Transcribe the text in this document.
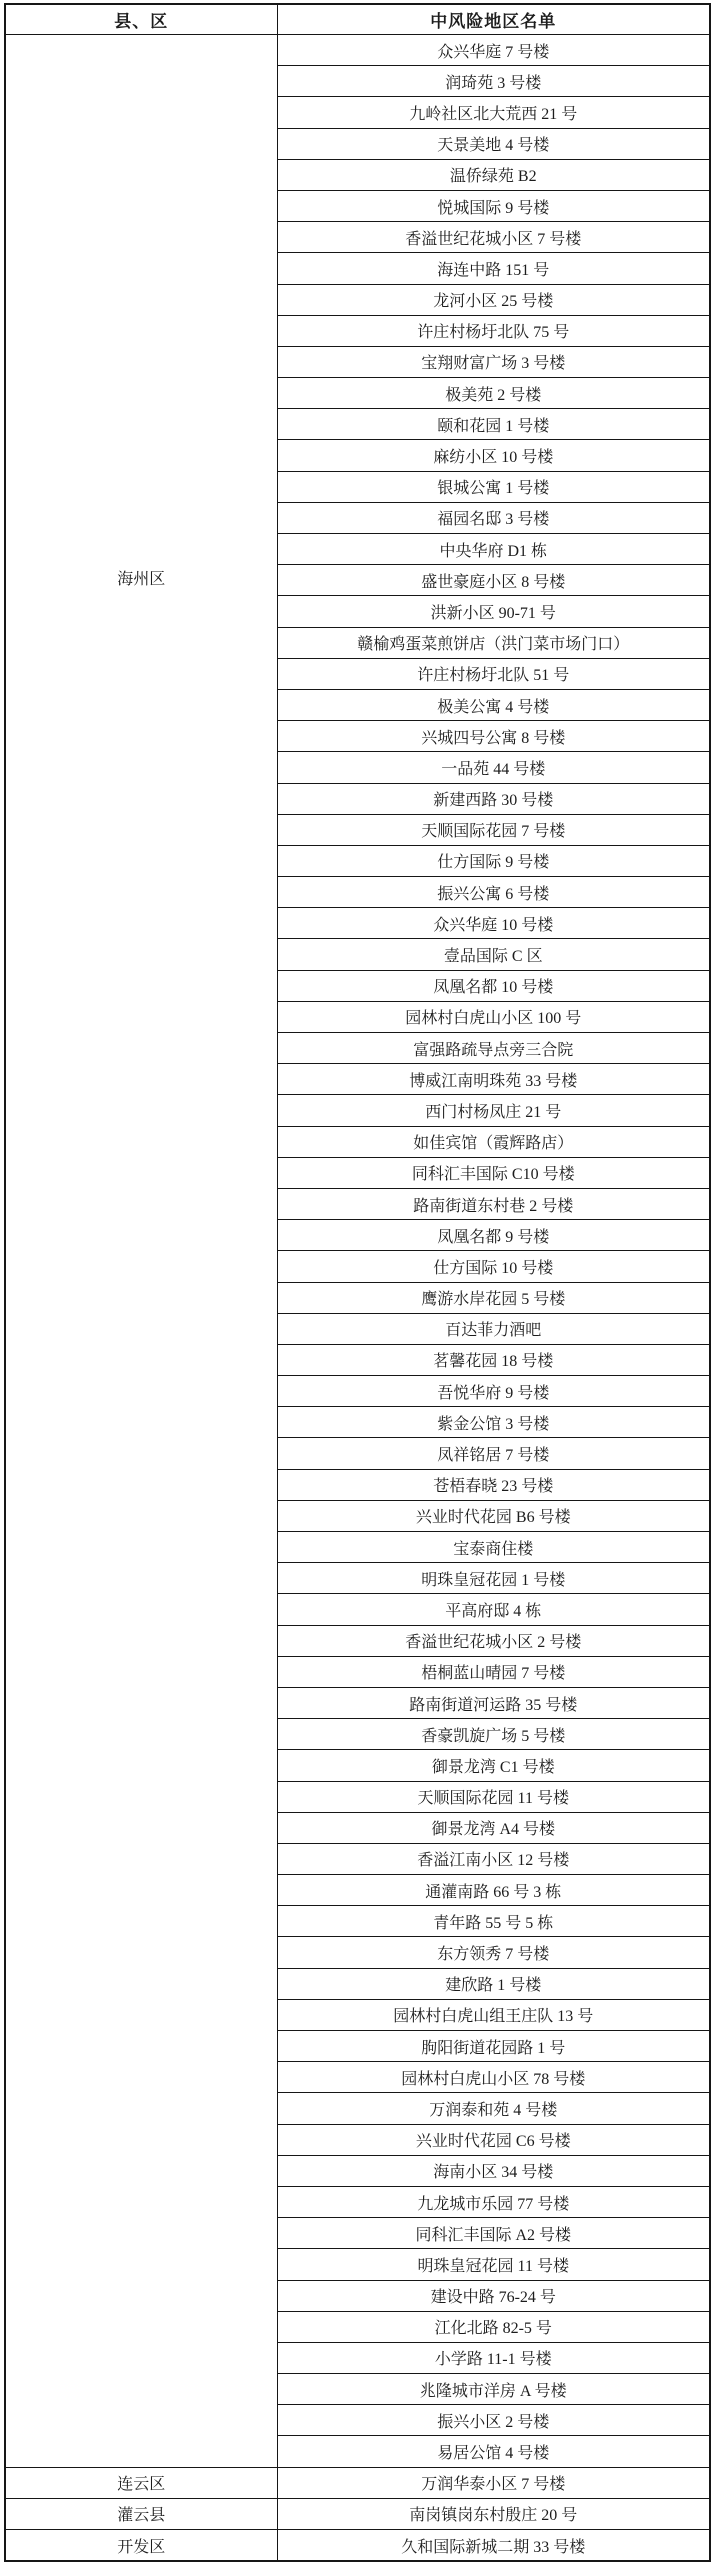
县、区	中风险地区名单

海州区	众兴华庭 7 号楼
	润琦苑 3 号楼
	九岭社区北大荒西 21 号
	天景美地 4 号楼
	温侨绿苑 B2
	悦城国际 9 号楼
	香溢世纪花城小区 7 号楼
	海连中路 151 号
	龙河小区 25 号楼
	许庄村杨圩北队 75 号
	宝翔财富广场 3 号楼
	极美苑 2 号楼
	颐和花园 1 号楼
	麻纺小区 10 号楼
	银城公寓 1 号楼
	福园名邸 3 号楼
	中央华府 D1 栋
	盛世豪庭小区 8 号楼
	洪新小区 90-71 号
	赣榆鸡蛋菜煎饼店（洪门菜市场门口）
	许庄村杨圩北队 51 号
	极美公寓 4 号楼
	兴城四号公寓 8 号楼
	一品苑 44 号楼
	新建西路 30 号楼
	天顺国际花园 7 号楼
	仕方国际 9 号楼
	振兴公寓 6 号楼
	众兴华庭 10 号楼
	壹品国际 C 区
	凤凰名都 10 号楼
	园林村白虎山小区 100 号
	富强路疏导点旁三合院
	博威江南明珠苑 33 号楼
	西门村杨凤庄 21 号
	如佳宾馆（霞辉路店）
	同科汇丰国际 C10 号楼
	路南街道东村巷 2 号楼
	凤凰名都 9 号楼
	仕方国际 10 号楼
	鹰游水岸花园 5 号楼
	百达菲力酒吧
	茗馨花园 18 号楼
	吾悦华府 9 号楼
	紫金公馆 3 号楼
	凤祥铭居 7 号楼
	苍梧春晓 23 号楼
	兴业时代花园 B6 号楼
	宝泰商住楼
	明珠皇冠花园 1 号楼
	平高府邸 4 栋
	香溢世纪花城小区 2 号楼
	梧桐蓝山晴园 7 号楼
	路南街道河运路 35 号楼
	香豪凯旋广场 5 号楼
	御景龙湾 C1 号楼
	天顺国际花园 11 号楼
	御景龙湾 A4 号楼
	香溢江南小区 12 号楼
	通灌南路 66 号 3 栋
	青年路 55 号 5 栋
	东方领秀 7 号楼
	建欣路 1 号楼
	园林村白虎山组王庄队 13 号
	朐阳街道花园路 1 号
	园林村白虎山小区 78 号楼
	万润泰和苑 4 号楼
	兴业时代花园 C6 号楼
	海南小区 34 号楼
	九龙城市乐园 77 号楼
	同科汇丰国际 A2 号楼
	明珠皇冠花园 11 号楼
	建设中路 76-24 号
	江化北路 82-5 号
	小学路 11-1 号楼
	兆隆城市洋房 A 号楼
	振兴小区 2 号楼
	易居公馆 4 号楼
连云区	万润华泰小区 7 号楼
灌云县	南岗镇岗东村殷庄 20 号
开发区	久和国际新城二期 33 号楼
